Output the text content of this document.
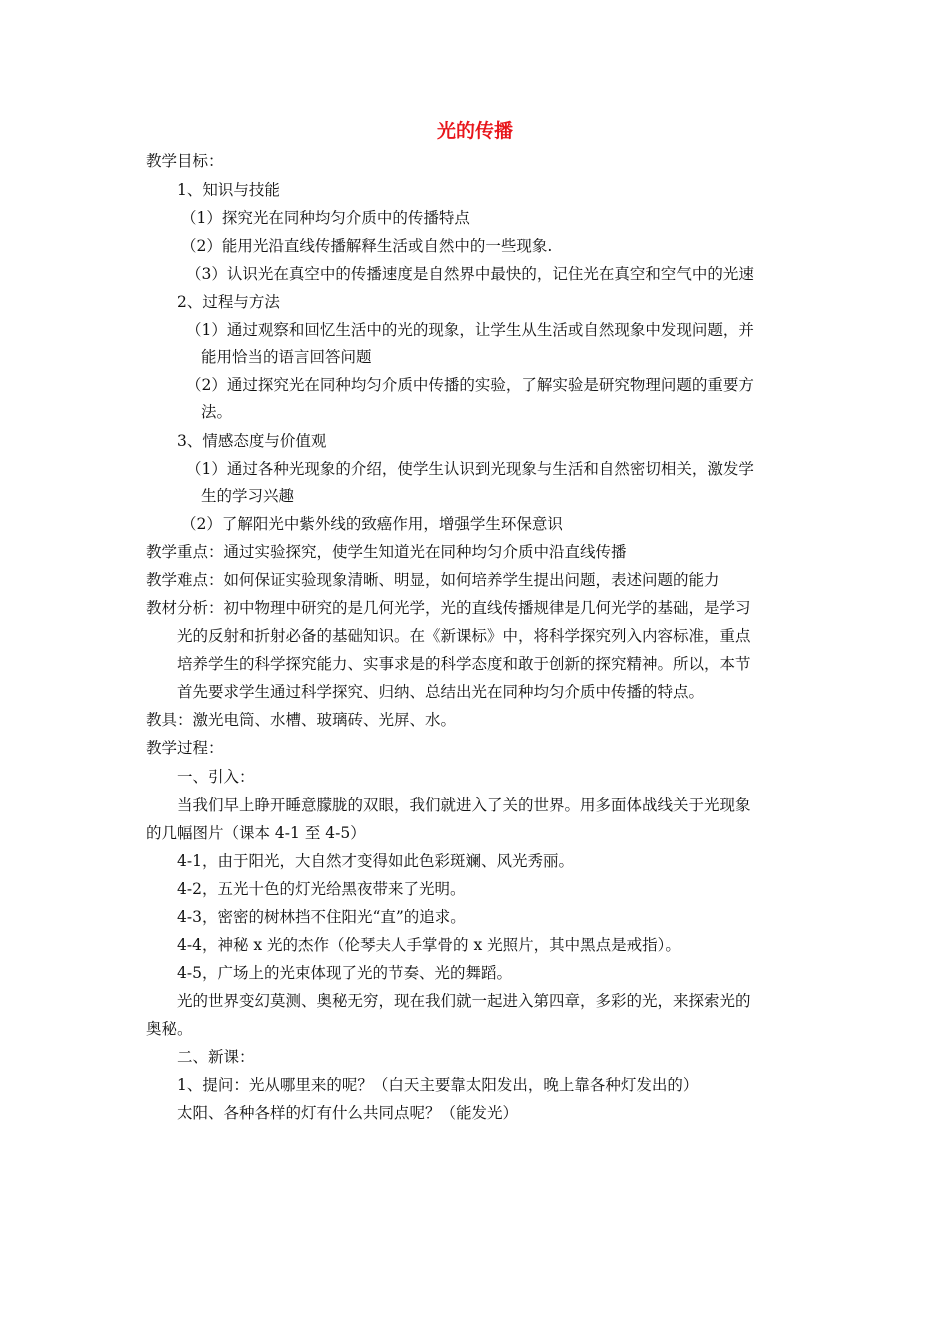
光的传播
教学目标：
1、知识与技能
（1）探究光在同种均匀介质中的传播特点
（2）能用光沿直线传播解释生活或自然中的一些现象.
（3）认识光在真空中的传播速度是自然界中最快的，记住光在真空和空气中的光速
2、过程与方法
（1）通过观察和回忆生活中的光的现象，让学生从生活或自然现象中发现问题，并
能用恰当的语言回答问题
（2）通过探究光在同种均匀介质中传播的实验，了解实验是研究物理问题的重要方
法。
3、情感态度与价值观
（1）通过各种光现象的介绍，使学生认识到光现象与生活和自然密切相关，激发学
生的学习兴趣
（2）了解阳光中紫外线的致癌作用，增强学生环保意识
教学重点：通过实验探究，使学生知道光在同种均匀介质中沿直线传播
教学难点：如何保证实验现象清晰、明显，如何培养学生提出问题，表述问题的能力
教材分析：初中物理中研究的是几何光学，光的直线传播规律是几何光学的基础，是学习
光的反射和折射必备的基础知识。在《新课标》中，将科学探究列入内容标准，重点
培养学生的科学探究能力、实事求是的科学态度和敢于创新的探究精神。所以，本节
首先要求学生通过科学探究、归纳、总结出光在同种均匀介质中传播的特点。
教具：激光电筒、水槽、玻璃砖、光屏、水。
教学过程：
一、引入：
当我们早上睁开睡意朦胧的双眼，我们就进入了关的世界。用多面体战线关于光现象
的几幅图片（课本 4-1 至 4-5）
4-1，由于阳光，大自然才变得如此色彩斑斓、风光秀丽。
4-2，五光十色的灯光给黑夜带来了光明。
4-3，密密的树林挡不住阳光“直”的追求。
4-4，神秘 x 光的杰作（伦琴夫人手掌骨的 x 光照片，其中黑点是戒指）。
4-5，广场上的光束体现了光的节奏、光的舞蹈。
光的世界变幻莫测、奥秘无穷，现在我们就一起进入第四章，多彩的光，来探索光的
奥秘。
二、新课：
1、提问：光从哪里来的呢？（白天主要靠太阳发出，晚上靠各种灯发出的）
太阳、各种各样的灯有什么共同点呢？（能发光）
